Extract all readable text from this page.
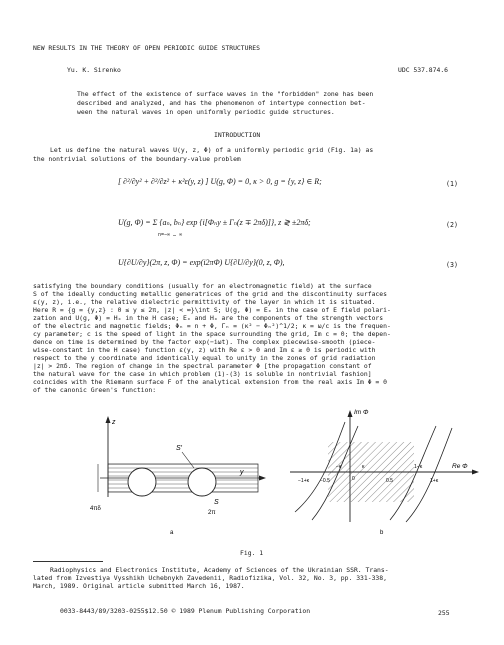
NEW RESULTS IN THE THEORY OF OPEN PERIODIC GUIDE STRUCTURES
Yu. K. Sirenko	UDC 537.874.6
The effect of the existence of surface waves in the "forbidden" zone has been
described and analyzed, and has the phenomenon of intertype connection bet-
ween the natural waves in open uniformly periodic guide structures.
INTRODUCTION
Let us define the natural waves U(y, z, Φ) of a uniformly periodic grid (Fig. 1a) as
the nontrivial solutions of the boundary-value problem
[ ∂²/∂y² + ∂²/∂z² + κ²ε(y, z) ] U(g, Φ) = 0, κ > 0, g = {y, z} ∈ R;	(1)
U(g, Φ) = Σ {aₙ, bₙ} exp {i[Φₙy ± Γₙ(z ∓ 2πδ)]}, z ≷ ±2πδ;
n=−∞ … ∞
(2)
U{∂U/∂y}(2π, z, Φ) = exp(i2πΦ) U{∂U/∂y}(0, z, Φ),	(3)
satisfying the boundary conditions (usually for an electromagnetic field) at the surface
S of the ideally conducting metallic generatrices of the grid and the discontinuity surfaces
ε(y, z), i.e., the relative dielectric permittivity of the layer in which it is situated.
Here R = {g = {y,z} : 0 ≤ y ≤ 2π, |z| < ∞}\int S; U(g, Φ) = Eₓ in the case of E field polari-
zation and U(g, Φ) = Hₓ in the H case; Eₓ and Hₓ are the components of the strength vectors
of the electric and magnetic fields; Φₙ = n + Φ, Γₙ = (κ² − Φₙ²)^1/2; κ = ω/c is the frequen-
cy parameter; c is the speed of light in the space surrounding the grid, Im c = 0; the depen-
dence on time is determined by the factor exp(−iωt). The complex piecewise-smooth (piece-
wise-constant in the H case) function ε(y, z) with Re ε > 0 and Im ε ≥ 0 is periodic with
respect to the y coordinate and identically equal to unity in the zones of grid radiation
|z| > 2πδ. The region of change in the spectral parameter Φ [the propagation constant of
the natural wave for the case in which problem (1)-(3) is soluble in nontrivial fashion]
coincides with the Riemann surface F of the analytical extension from the real axis Im Φ = 0
of the canonic Green's function:
z
y
S′
S
4πδ
2π
a
Im Φ
Re Φ
−1+κ −0.5
−κ
0
κ
0.5
1−κ
1+κ
b
Fig. 1
Radiophysics and Electronics Institute, Academy of Sciences of the Ukrainian SSR. Trans-
lated from Izvestiya Vysshikh Uchebnykh Zavedenii, Radiofizika, Vol. 32, No. 3, pp. 331-338,
March, 1989. Original article submitted March 16, 1987.
0033-8443/89/3203-0255$12.50 © 1989 Plenum Publishing Corporation	255
